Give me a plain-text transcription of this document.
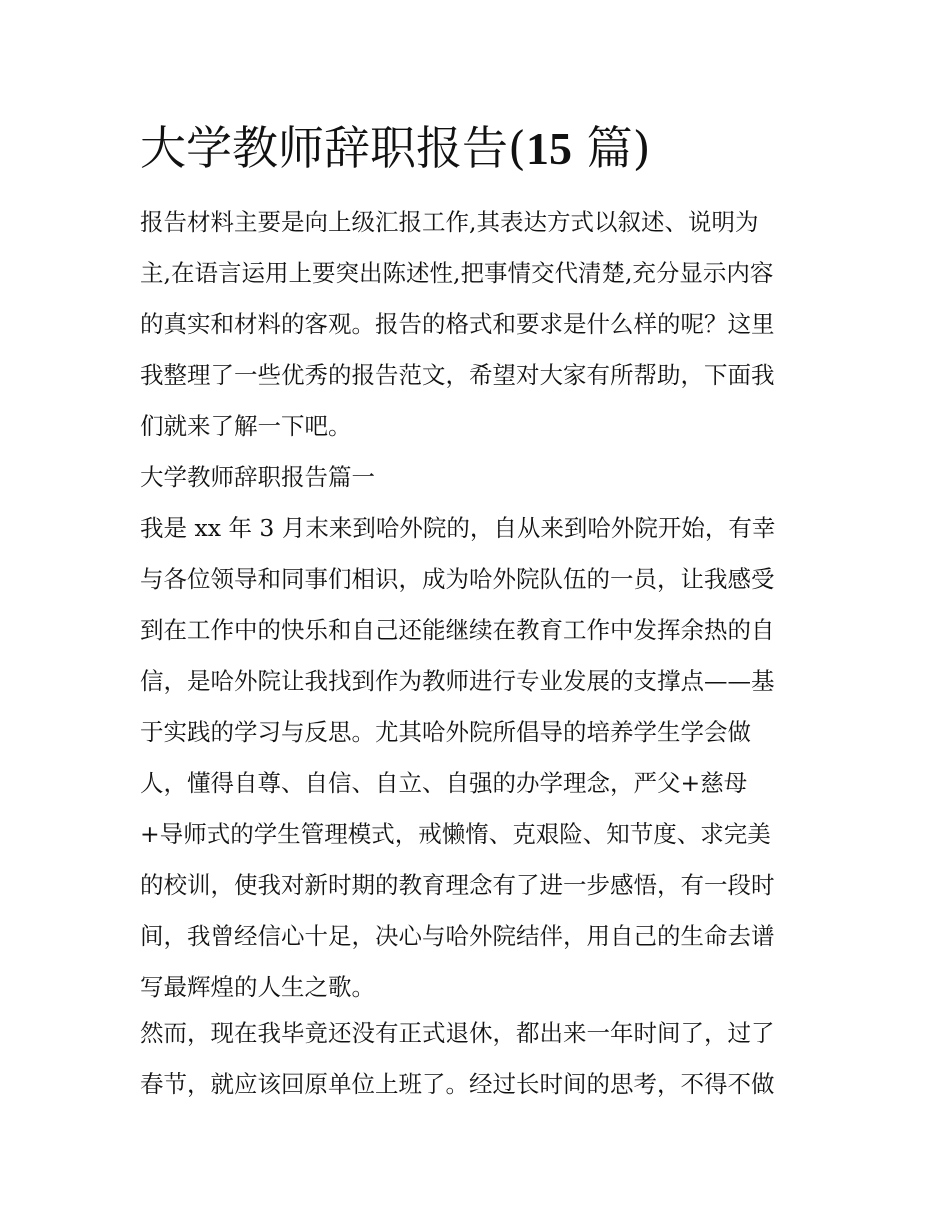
大学教师辞职报告(15 篇)
报告材料主要是向上级汇报工作,其表达方式以叙述、说明为
主,在语言运用上要突出陈述性,把事情交代清楚,充分显示内容
的真实和材料的客观。报告的格式和要求是什么样的呢？这里
我整理了一些优秀的报告范文，希望对大家有所帮助，下面我
们就来了解一下吧。
大学教师辞职报告篇一
我是 xx 年 3 月末来到哈外院的，自从来到哈外院开始，有幸
与各位领导和同事们相识，成为哈外院队伍的一员，让我感受
到在工作中的快乐和自己还能继续在教育工作中发挥余热的自
信，是哈外院让我找到作为教师进行专业发展的支撑点——基
于实践的学习与反思。尤其哈外院所倡导的培养学生学会做
人，懂得自尊、自信、自立、自强的办学理念，严父+慈母
+导师式的学生管理模式，戒懒惰、克艰险、知节度、求完美
的校训，使我对新时期的教育理念有了进一步感悟，有一段时
间，我曾经信心十足，决心与哈外院结伴，用自己的生命去谱
写最辉煌的人生之歌。
然而，现在我毕竟还没有正式退休，都出来一年时间了，过了
春节，就应该回原单位上班了。经过长时间的思考，不得不做
